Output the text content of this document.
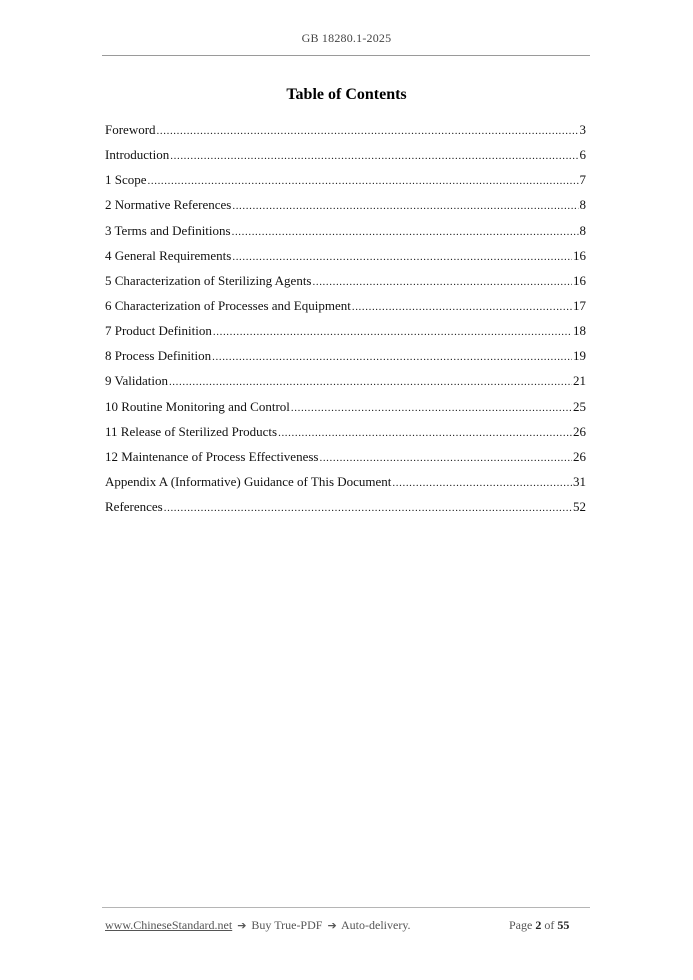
GB 18280.1-2025
Table of Contents
Foreword .....	3
Introduction .....	6
1 Scope .....	7
2 Normative References .....	8
3 Terms and Definitions .....	8
4 General Requirements .....	16
5 Characterization of Sterilizing Agents .....	16
6 Characterization of Processes and Equipment .....	17
7 Product Definition .....	18
8 Process Definition .....	19
9 Validation .....	21
10 Routine Monitoring and Control .....	25
11 Release of Sterilized Products .....	26
12 Maintenance of Process Effectiveness .....	26
Appendix A (Informative) Guidance of This Document .....	31
References .....	52
www.ChineseStandard.net ➔ Buy True-PDF ➔ Auto-delivery.	Page 2 of 55
